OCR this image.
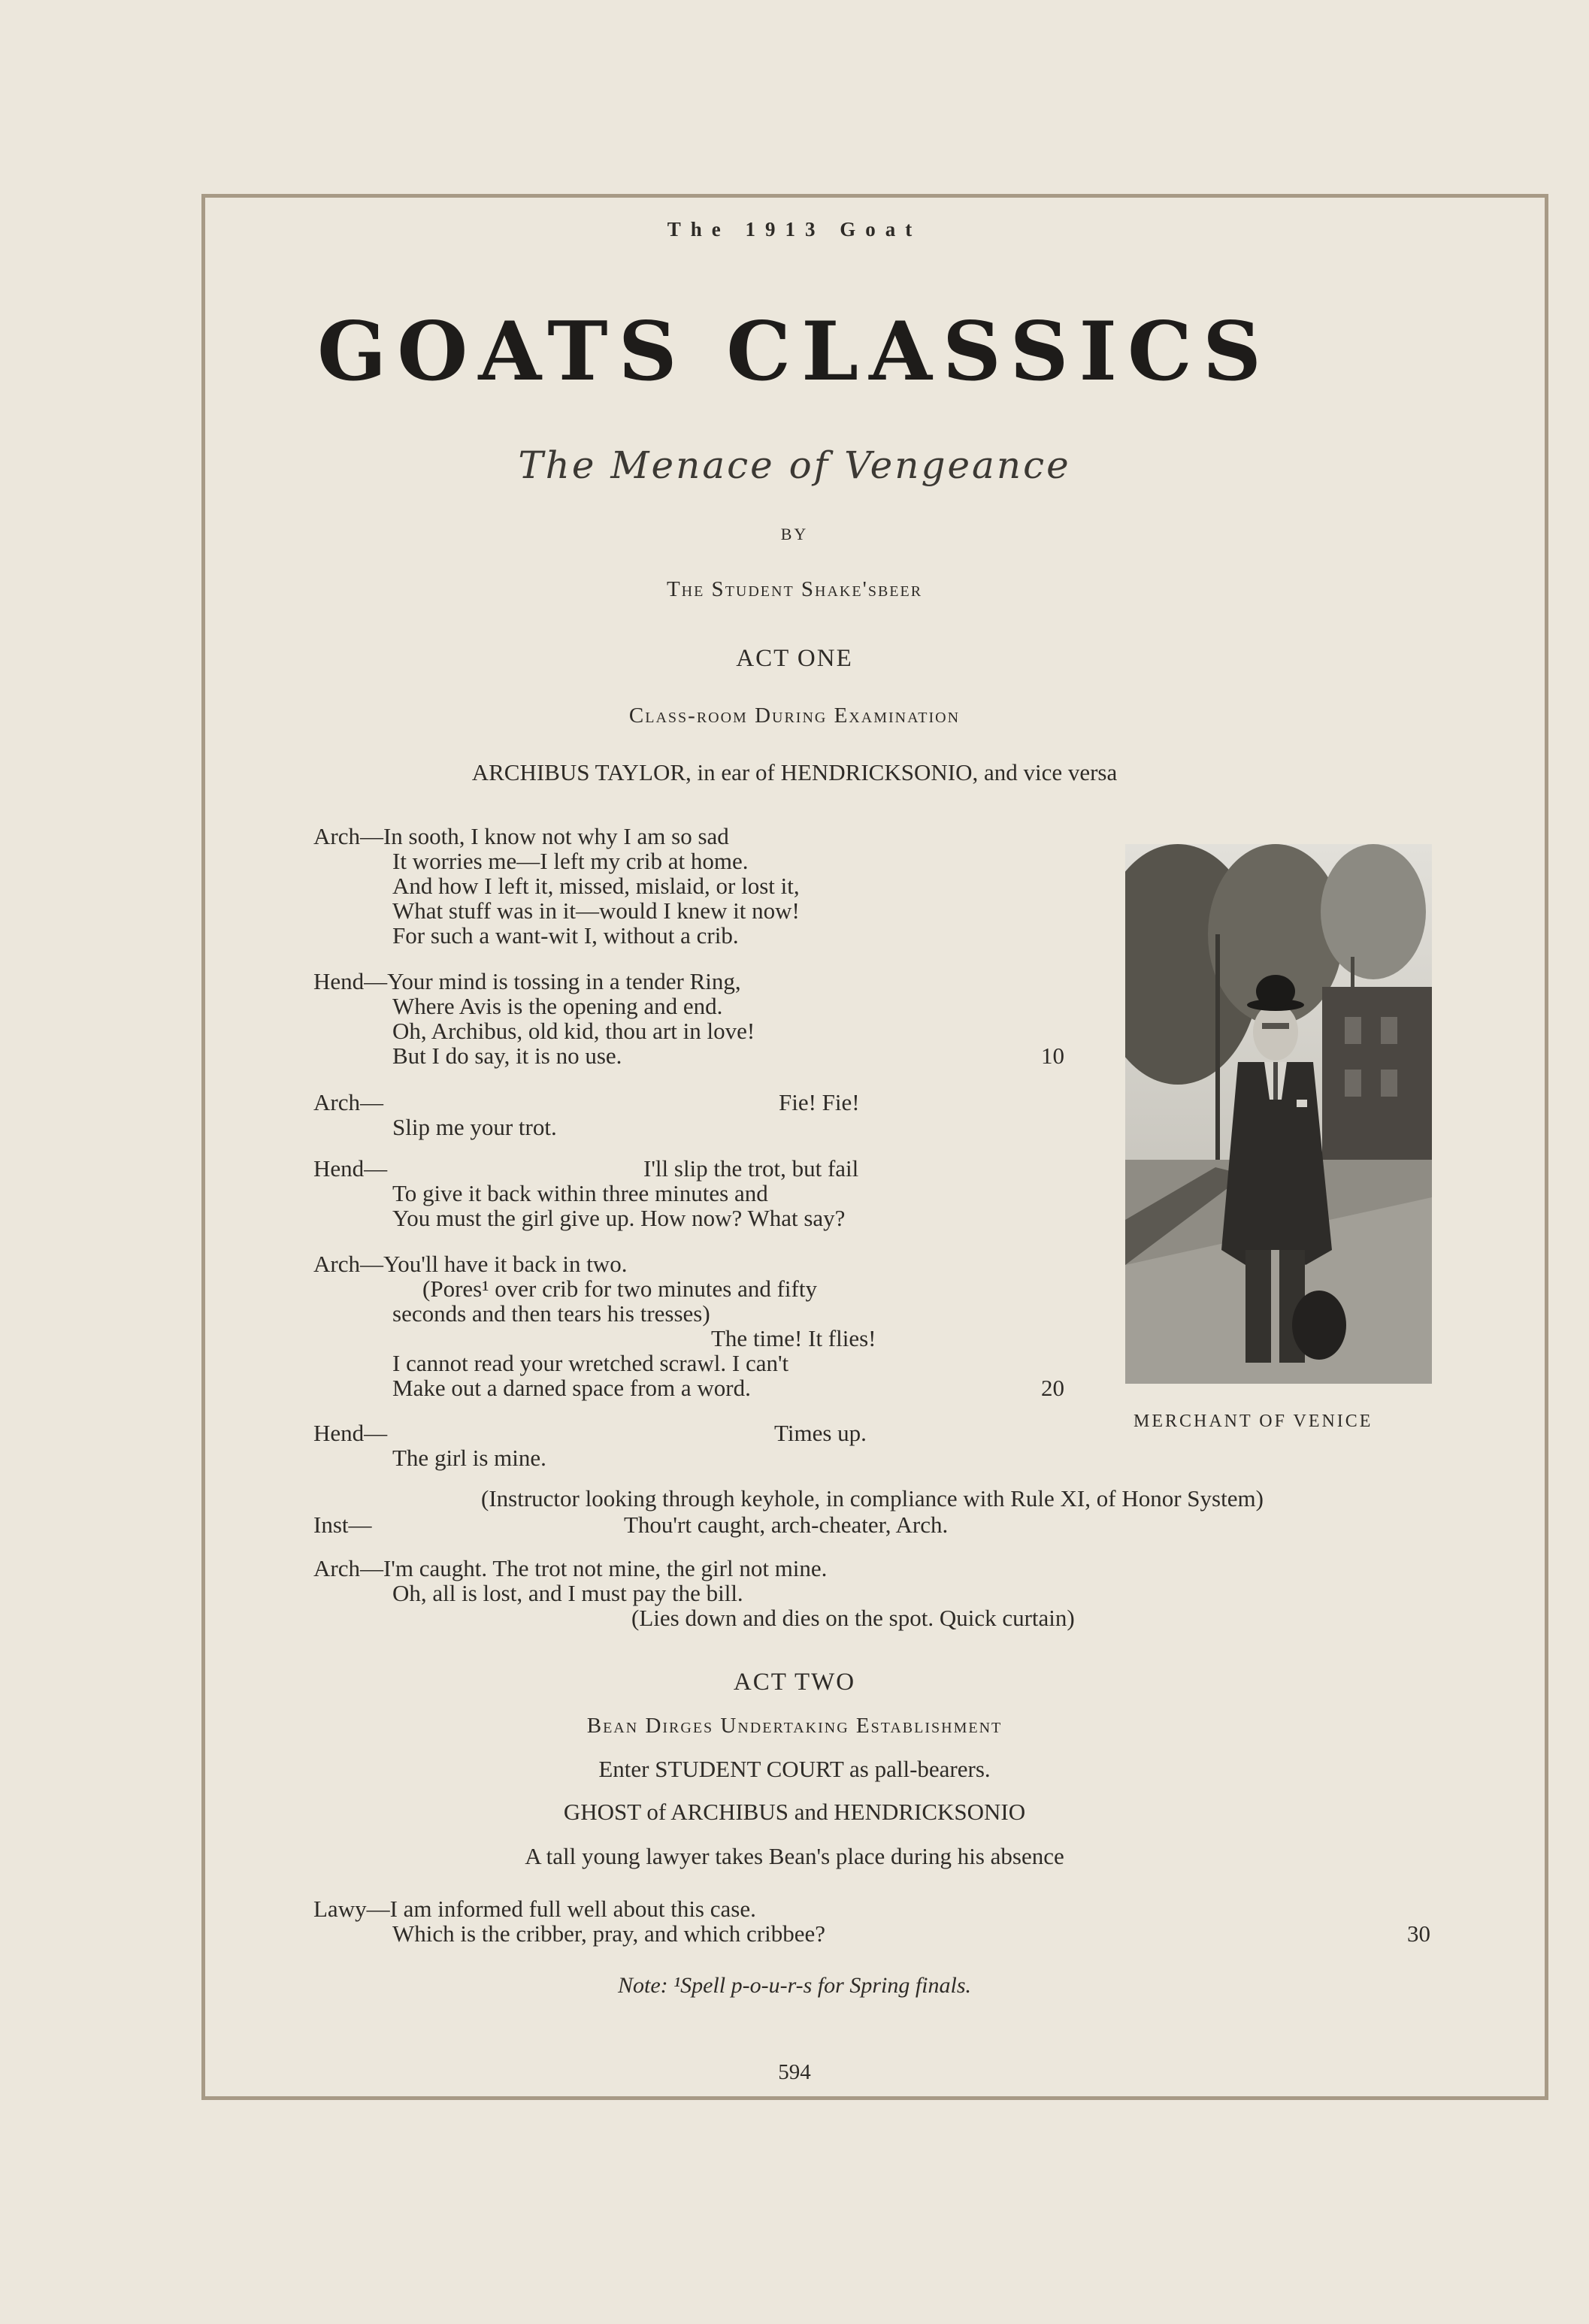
The 1913 Goat
GOATS CLASSICS
The Menace of Vengeance
BY
The Student Shake'sbeer
ACT ONE
Class-room During Examination
ARCHIBUS TAYLOR, in ear of HENDRICKSONIO, and vice versa
Arch—In sooth, I know not why I am so sad
It worries me—I left my crib at home.
And how I left it, missed, mislaid, or lost it,
What stuff was in it—would I knew it now!
For such a want-wit I, without a crib.
Hend—Your mind is tossing in a tender Ring,
Where Avis is the opening and end.
Oh, Archibus, old kid, thou art in love!
But I do say, it is no use.	10
Arch—	Fie! Fie!
Slip me your trot.
Hend—	I'll slip the trot, but fail
To give it back within three minutes and
You must the girl give up. How now? What say?
Arch—You'll have it back in two.
(Pores¹ over crib for two minutes and fifty
seconds and then tears his tresses)
The time! It flies!
I cannot read your wretched scrawl. I can't
Make out a darned space from a word.	20
Hend—	Times up.
The girl is mine.
(Instructor looking through keyhole, in compliance with Rule XI, of Honor System)
Inst—	Thou'rt caught, arch-cheater, Arch.
Arch—I'm caught. The trot not mine, the girl not mine.
Oh, all is lost, and I must pay the bill.
(Lies down and dies on the spot. Quick curtain)
MERCHANT OF VENICE
ACT TWO
Bean Dirges Undertaking Establishment
Enter STUDENT COURT as pall-bearers.
GHOST of ARCHIBUS and HENDRICKSONIO
A tall young lawyer takes Bean's place during his absence
Lawy—I am informed full well about this case.
Which is the cribber, pray, and which cribbee?	30
Note: ¹Spell p-o-u-r-s for Spring finals.
594
